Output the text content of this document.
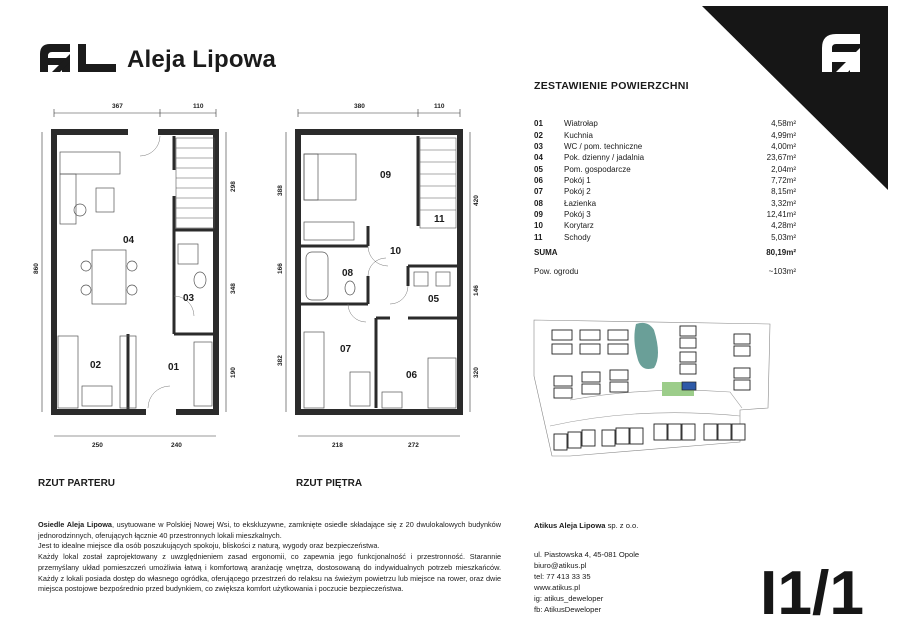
Aleja Lipowa
ZESTAWIENIE POWIERZCHNI
01	Wiatrołap	4,58m²
02	Kuchnia	4,99m²
03	WC / pom. techniczne	4,00m²
04	Pok. dzienny / jadalnia	23,67m²
05	Pom. gospodarcze	2,04m²
06	Pokój 1	7,72m²
07	Pokój 2	8,15m²
08	Łazienka	3,32m²
09	Pokój 3	12,41m²
10	Korytarz	4,28m²
11	Schody	5,03m²
SUMA	80,19m²
Pow. ogrodu	~103m²
367	110
860
298
348
190
250	240
04
03
02	01
RZUT PARTERU
380	110
388
166
382
420
146
320
218	272
09
11
10
08
05
07
06
RZUT PIĘTRA
Osiedle Aleja Lipowa, usytuowane w Polskiej Nowej Wsi, to ekskluzywne, zamknięte osiedle składające się z 20 dwulokalowych budynków jednorodzinnych, oferujących łącznie 40 przestronnych lokali mieszkalnych.
Jest to idealne miejsce dla osób poszukujących spokoju, bliskości z naturą, wygody oraz bezpieczeństwa.
Każdy lokal został zaprojektowany z uwzględnieniem zasad ergonomii, co zapewnia jego funkcjonalność i przestronność. Starannie przemyślany układ pomieszczeń umożliwia łatwą i komfortową aranżację wnętrza, dostosowaną do indywidualnych potrzeb mieszkańców. Każdy z lokali posiada dostęp do własnego ogródka, oferującego przestrzeń do relaksu na świeżym powietrzu lub miejsce na rower, oraz dwie miejsca postojowe bezpośrednio przed budynkiem, co zwiększa komfort użytkowania i poczucie bezpieczeństwa.
Atikus Aleja Lipowa sp. z o.o.
ul. Piastowska 4, 45-081 Opole
biuro@atikus.pl
tel: 77 413 33 35
www.atikus.pl
ig: atikus_deweloper
fb: AtikusDeweloper	I1/1
